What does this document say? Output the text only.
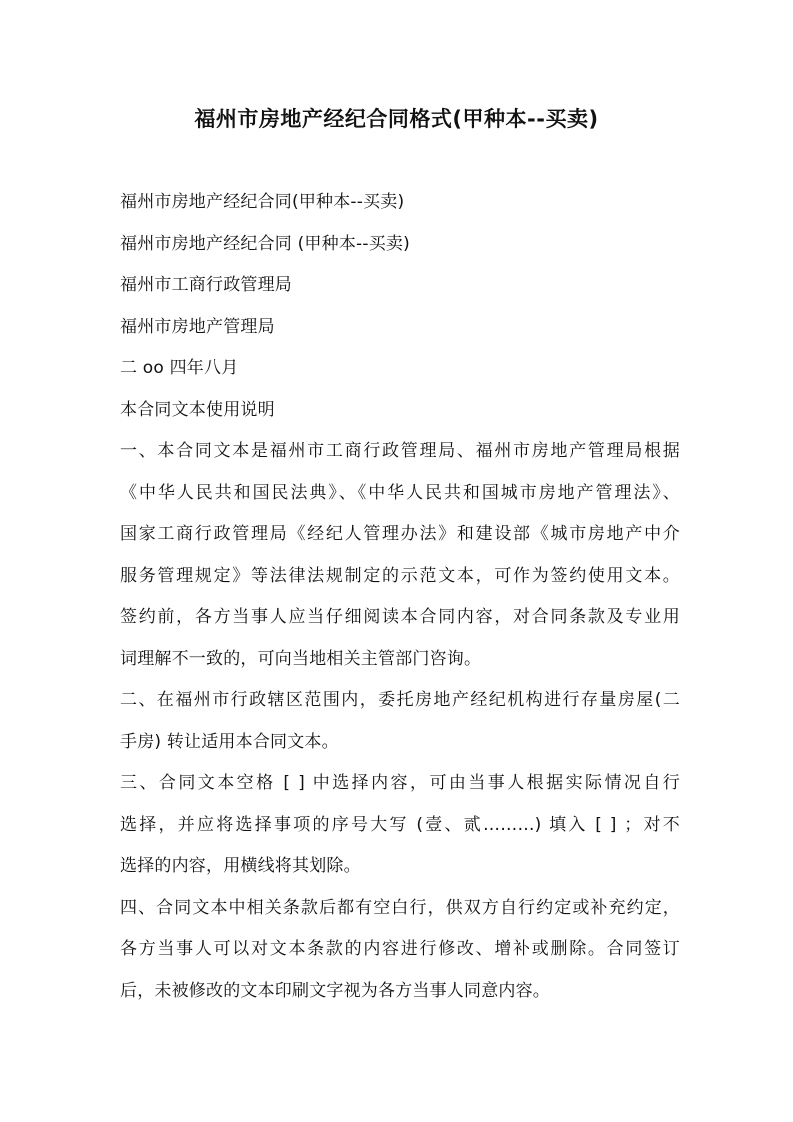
福州市房地产经纪合同格式(甲种本--买卖)
福州市房地产经纪合同(甲种本--买卖)
福州市房地产经纪合同 (甲种本--买卖)
福州市工商行政管理局
福州市房地产管理局
二 oo 四年八月
本合同文本使用说明
一、本合同文本是福州市工商行政管理局、福州市房地产管理局根据
《中华人民共和国民法典》、《中华人民共和国城市房地产管理法》、
国家工商行政管理局《经纪人管理办法》和建设部《城市房地产中介
服务管理规定》等法律法规制定的示范文本，可作为签约使用文本。
签约前，各方当事人应当仔细阅读本合同内容，对合同条款及专业用
词理解不一致的，可向当地相关主管部门咨询。
二、在福州市行政辖区范围内，委托房地产经纪机构进行存量房屋(二
手房) 转让适用本合同文本。
三、合同文本空格 [ ] 中选择内容，可由当事人根据实际情况自行
选择，并应将选择事项的序号大写 (壹、贰………) 填入 [ ] ；对不
选择的内容，用横线将其划除。
四、合同文本中相关条款后都有空白行，供双方自行约定或补充约定，
各方当事人可以对文本条款的内容进行修改、增补或删除。合同签订
后，未被修改的文本印刷文字视为各方当事人同意内容。
